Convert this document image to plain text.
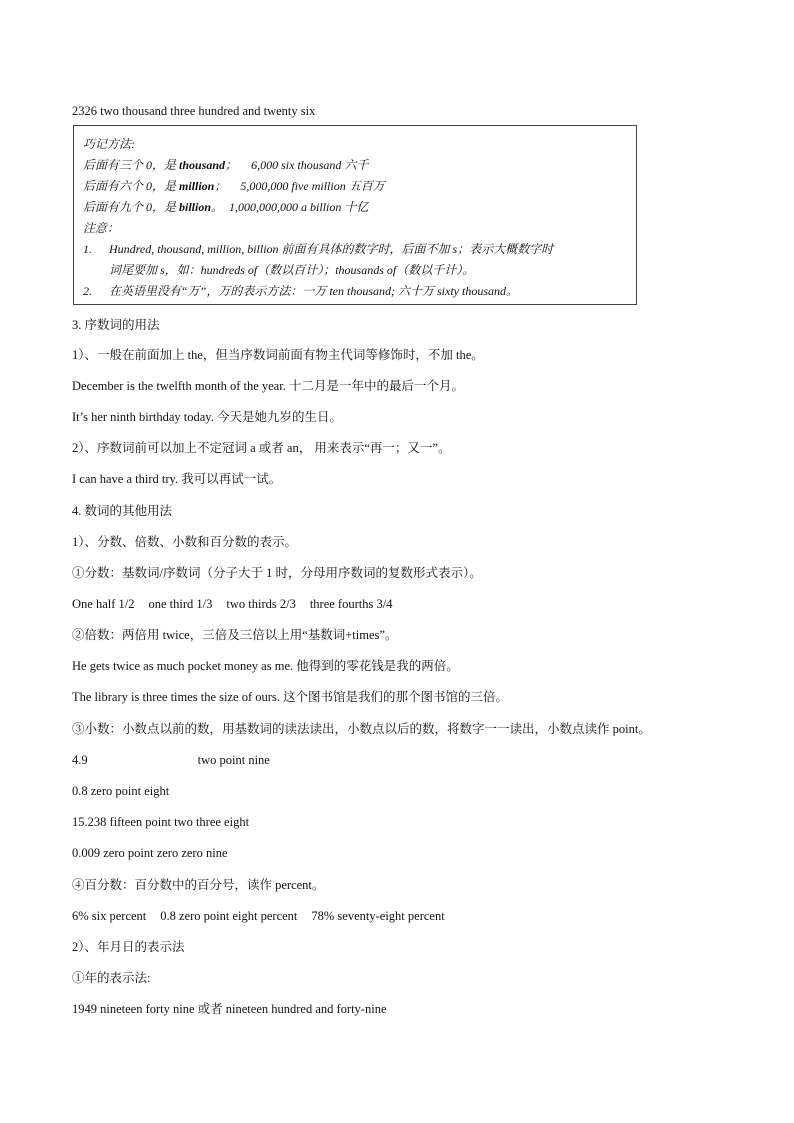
2326 two thousand three hundred and twenty six
巧记方法:
后面有三个 0，是 thousand； 6,000 six thousand 六千
后面有六个 0，是 million； 5,000,000 five million 五百万
后面有九个 0，是 billion。 1,000,000,000 a billion 十亿
注意：
1. Hundred, thousand, million, billion 前面有具体的数字时，后面不加 s；表示大概数字时
词尾要加 s，如：hundreds of（数以百计）；thousands of（数以千计）。
2. 在英语里没有“万”，万的表示方法：一万 ten thousand; 六十万 sixty thousand。
3. 序数词的用法
1）、一般在前面加上 the，但当序数词前面有物主代词等修饰时，不加 the。
December is the twelfth month of the year. 十二月是一年中的最后一个月。
It’s her ninth birthday today. 今天是她九岁的生日。
2）、序数词前可以加上不定冠词 a 或者 an， 用来表示“再一；又一”。
I can have a third try. 我可以再试一试。
4. 数词的其他用法
1）、分数、倍数、小数和百分数的表示。
①分数：基数词/序数词（分子大于 1 时，分母用序数词的复数形式表示）。
One half 1/2 one third 1/3 two thirds 2/3 three fourths 3/4
②倍数：两倍用 twice，三倍及三倍以上用“基数词+times”。
He gets twice as much pocket money as me. 他得到的零花钱是我的两倍。
The library is three times the size of ours. 这个图书馆是我们的那个图书馆的三倍。
③小数：小数点以前的数，用基数词的读法读出，小数点以后的数，将数字一一读出，小数点读作 point。
4.9	two point nine
0.8 zero point eight
15.238 fifteen point two three eight
0.009 zero point zero zero nine
④百分数：百分数中的百分号，读作 percent。
6% six percent 0.8 zero point eight percent 78% seventy-eight percent
2）、年月日的表示法
①年的表示法:
1949 nineteen forty nine 或者 nineteen hundred and forty-nine
